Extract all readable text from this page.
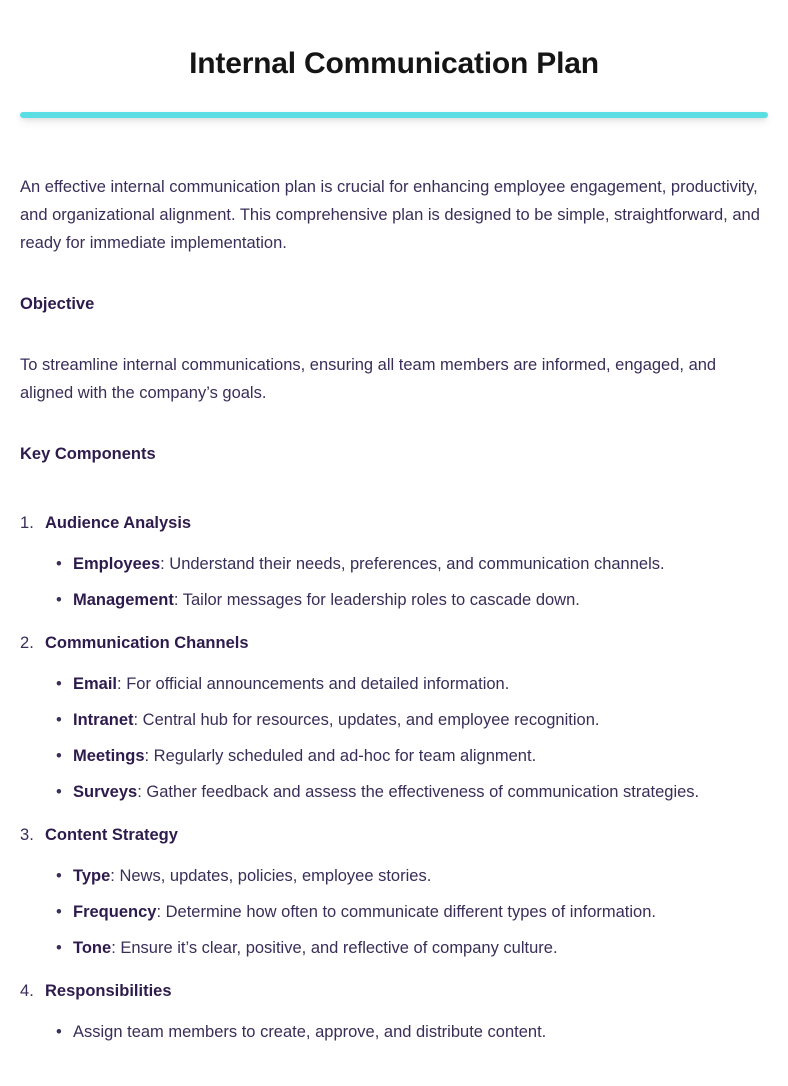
Internal Communication Plan

An effective internal communication plan is crucial for enhancing employee engagement, productivity, and organizational alignment. This comprehensive plan is designed to be simple, straightforward, and ready for immediate implementation.

Objective

To streamline internal communications, ensuring all team members are informed, engaged, and aligned with the company’s goals.

Key Components
Audience Analysis
• Employees: Understand their needs, preferences, and communication channels.
• Management: Tailor messages for leadership roles to cascade down.
Communication Channels
• Email: For official announcements and detailed information.
• Intranet: Central hub for resources, updates, and employee recognition.
• Meetings: Regularly scheduled and ad-hoc for team alignment.
• Surveys: Gather feedback and assess the effectiveness of communication strategies.
Content Strategy
• Type: News, updates, policies, employee stories.
• Frequency: Determine how often to communicate different types of information.
• Tone: Ensure it’s clear, positive, and reflective of company culture.
Responsibilities
• Assign team members to create, approve, and distribute content.
